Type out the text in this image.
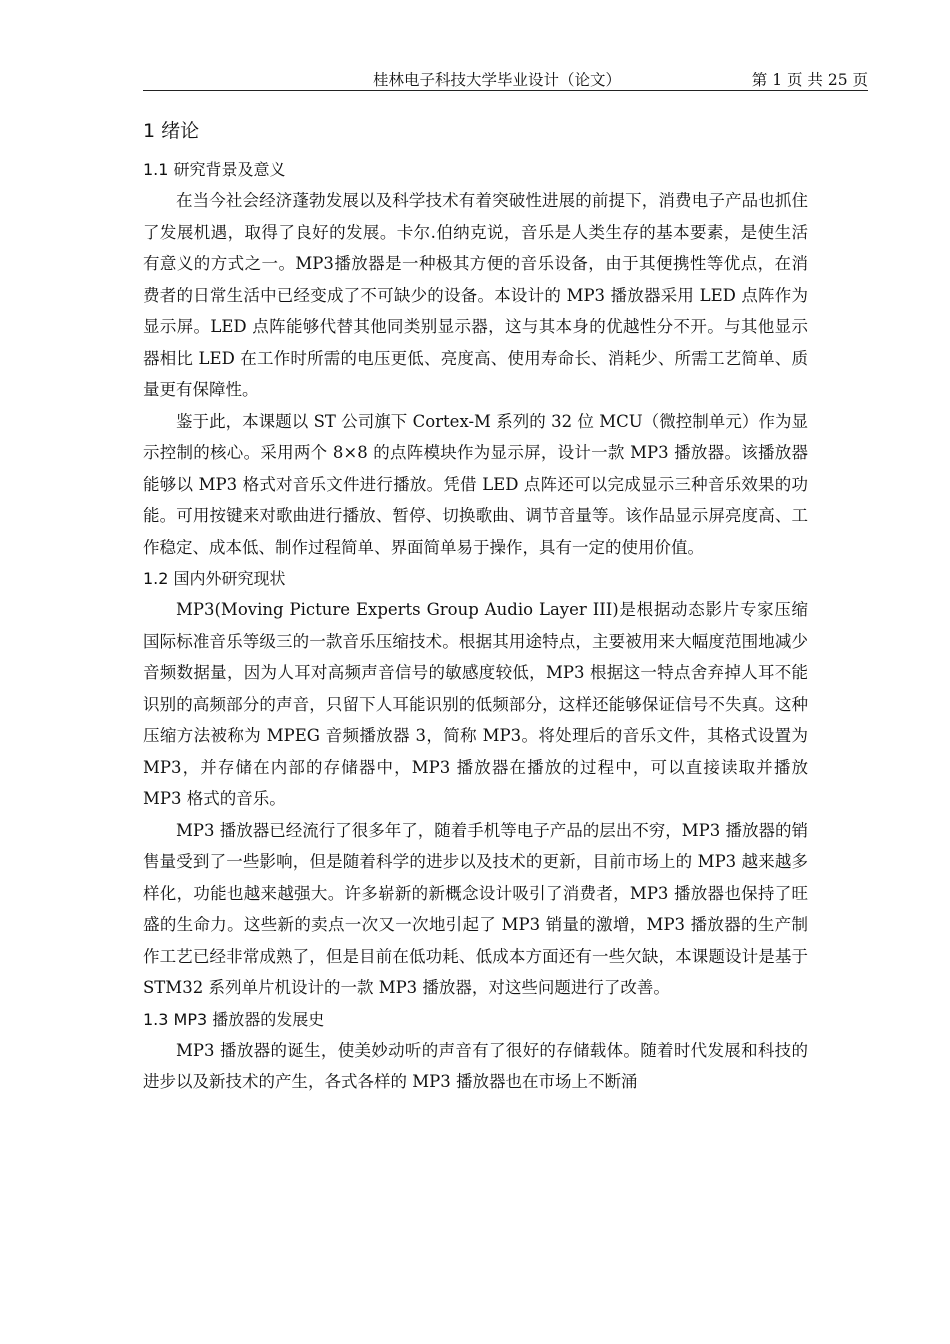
桂林电子科技大学毕业设计（论文）	第 1 页 共 25 页
1 绪论
1.1 研究背景及意义

在当今社会经济蓬勃发展以及科学技术有着突破性进展的前提下，消费电子产品也抓住了发展机遇，取得了良好的发展。卡尔.伯纳克说，音乐是人类生存的基本要素，是使生活有意义的方式之一。MP3播放器是一种极其方便的音乐设备，由于其便携性等优点，在消费者的日常生活中已经变成了不可缺少的设备。本设计的 MP3 播放器采用 LED 点阵作为显示屏。LED 点阵能够代替其他同类别显示器，这与其本身的优越性分不开。与其他显示器相比 LED 在工作时所需的电压更低、亮度高、使用寿命长、消耗少、所需工艺简单、质量更有保障性。

鉴于此，本课题以 ST 公司旗下 Cortex-M 系列的 32 位 MCU（微控制单元）作为显示控制的核心。采用两个 8×8 的点阵模块作为显示屏，设计一款 MP3 播放器。该播放器能够以 MP3 格式对音乐文件进行播放。凭借 LED 点阵还可以完成显示三种音乐效果的功能。可用按键来对歌曲进行播放、暂停、切换歌曲、调节音量等。该作品显示屏亮度高、工作稳定、成本低、制作过程简单、界面简单易于操作，具有一定的使用价值。

1.2 国内外研究现状

MP3(Moving Picture Experts Group Audio Layer III)是根据动态影片专家压缩国际标准音乐等级三的一款音乐压缩技术。根据其用途特点，主要被用来大幅度范围地减少音频数据量，因为人耳对高频声音信号的敏感度较低，MP3 根据这一特点舍弃掉人耳不能识别的高频部分的声音，只留下人耳能识别的低频部分，这样还能够保证信号不失真。这种压缩方法被称为 MPEG 音频播放器 3，简称 MP3。将处理后的音乐文件，其格式设置为 MP3，并存储在内部的存储器中，MP3 播放器在播放的过程中，可以直接读取并播放 MP3 格式的音乐。

MP3 播放器已经流行了很多年了，随着手机等电子产品的层出不穷，MP3 播放器的销售量受到了一些影响，但是随着科学的进步以及技术的更新，目前市场上的 MP3 越来越多样化，功能也越来越强大。许多崭新的新概念设计吸引了消费者，MP3 播放器也保持了旺盛的生命力。这些新的卖点一次又一次地引起了 MP3 销量的激增，MP3 播放器的生产制作工艺已经非常成熟了，但是目前在低功耗、低成本方面还有一些欠缺，本课题设计是基于 STM32 系列单片机设计的一款 MP3 播放器，对这些问题进行了改善。

1.3 MP3 播放器的发展史

MP3 播放器的诞生，使美妙动听的声音有了很好的存储载体。随着时代发展和科技的进步以及新技术的产生，各式各样的 MP3 播放器也在市场上不断涌
